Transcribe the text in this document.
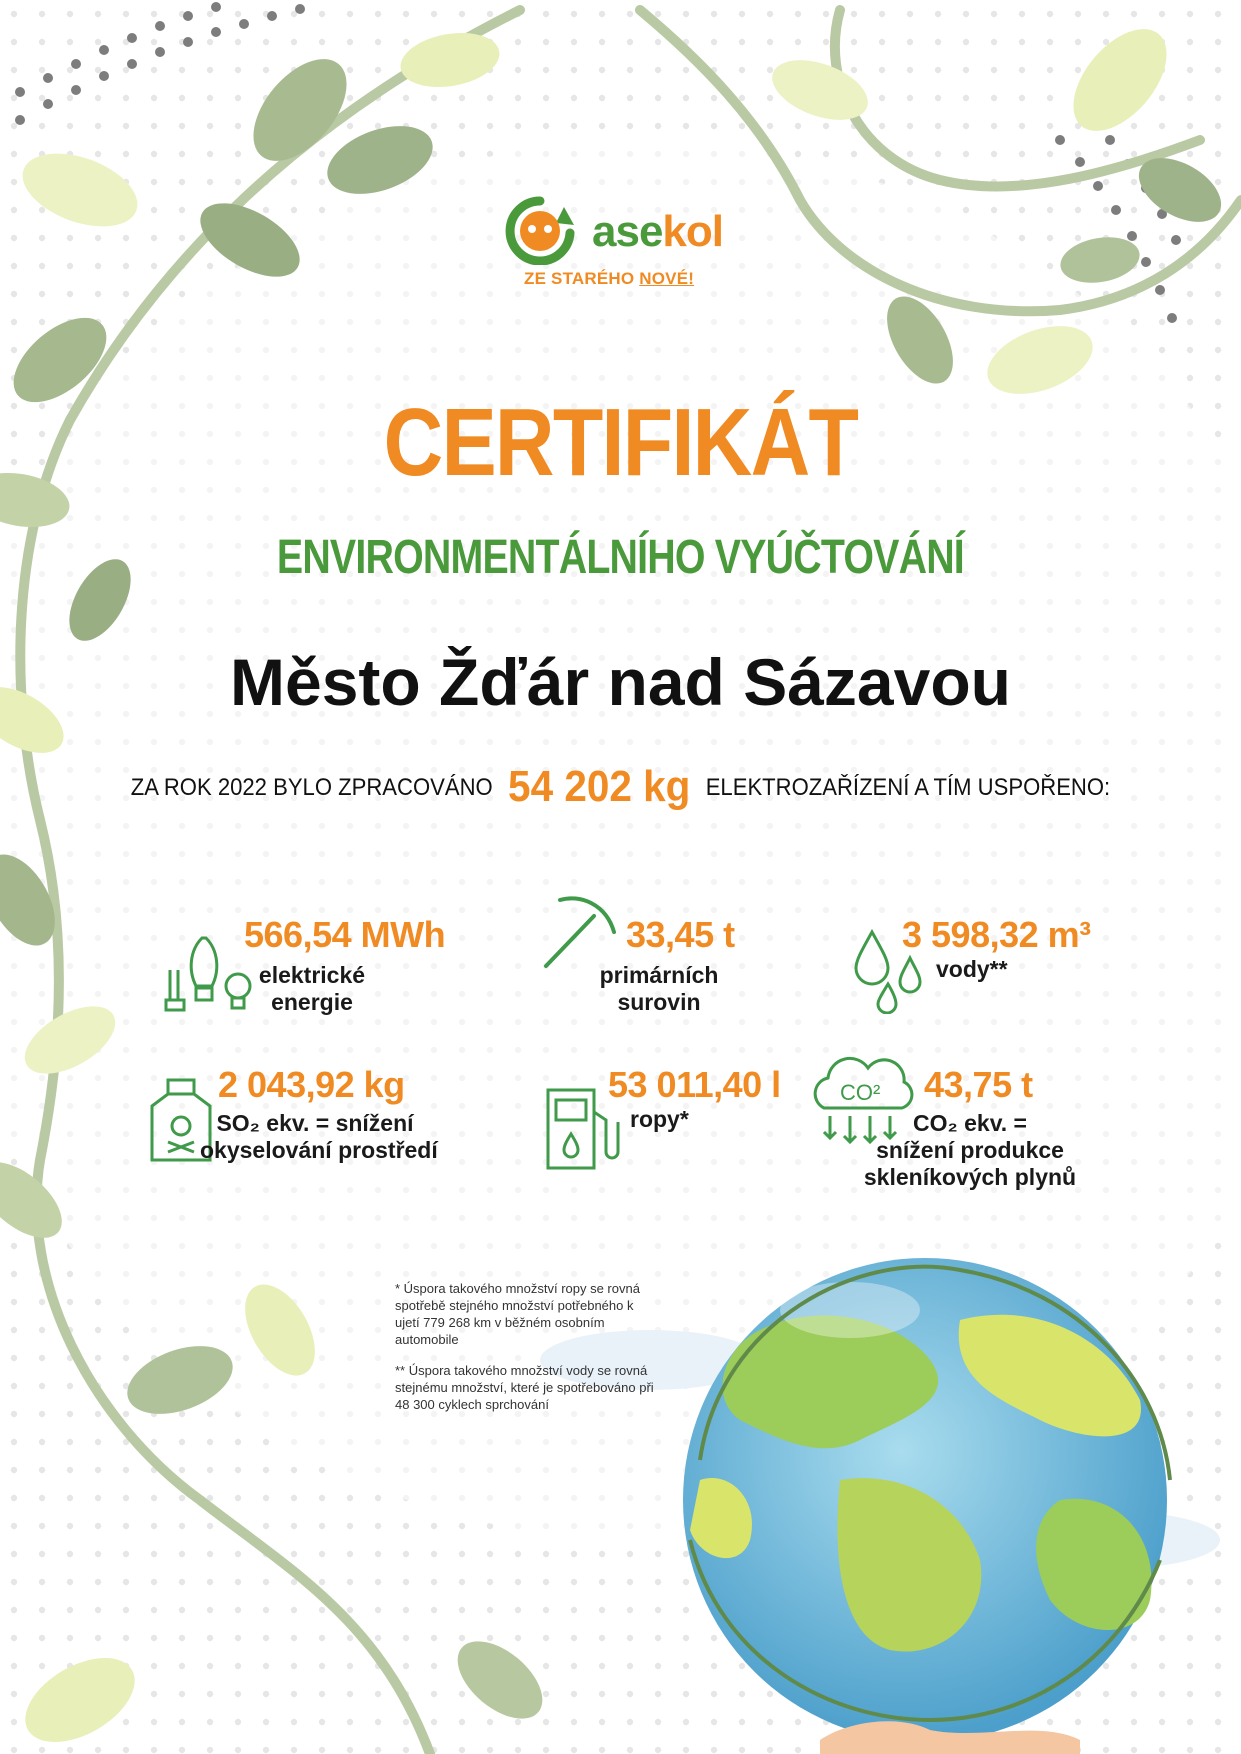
asekol
ZE STARÉHO NOVÉ!
CERTIFIKÁT
ENVIRONMENTÁLNÍHO VYÚČTOVÁNÍ
Město Žďár nad Sázavou
ZA ROK 2022 BYLO ZPRACOVÁNO 54 202 kg ELEKTROZAŘÍZENÍ A TÍM USPOŘENO:
566,54 MWh
elektrické
energie
33,45 t
primárních
surovin
3 598,32 m³
vody**
2 043,92 kg
SO₂ ekv. = snížení
okyselování prostředí
53 011,40 l
ropy*
CO² 43,75 t
CO₂ ekv. =
snížení produkce
skleníkových plynů

* Úspora takového množství ropy se rovná spotřebě stejného množství potřebného k ujetí 779 268 km v běžném osobním automobile

** Úspora takového množství vody se rovná stejnému množství, které je spotřebováno při 48 300 cyklech sprchování
